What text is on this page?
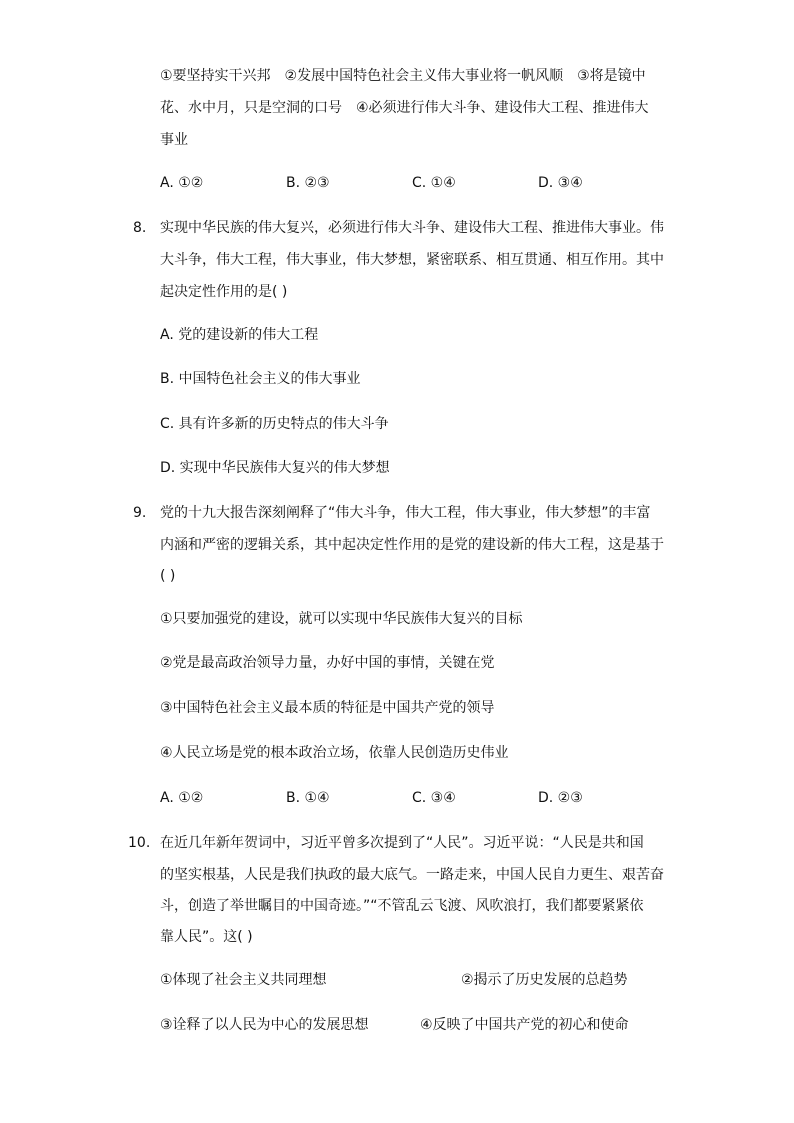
①要坚持实干兴邦　②发展中国特色社会主义伟大事业将一帆风顺　③将是镜中
花、水中月，只是空洞的口号　④必须进行伟大斗争、建设伟大工程、推进伟大
事业
A. ①②	B. ②③	C. ①④	D. ③④
8. 实现中华民族的伟大复兴，必须进行伟大斗争、建设伟大工程、推进伟大事业。伟
大斗争，伟大工程，伟大事业，伟大梦想，紧密联系、相互贯通、相互作用。其中
起决定性作用的是( )
A. 党的建设新的伟大工程
B. 中国特色社会主义的伟大事业
C. 具有许多新的历史特点的伟大斗争
D. 实现中华民族伟大复兴的伟大梦想
9. 党的十九大报告深刻阐释了“伟大斗争，伟大工程，伟大事业，伟大梦想”的丰富
内涵和严密的逻辑关系，其中起决定性作用的是党的建设新的伟大工程，这是基于
( )
①只要加强党的建设，就可以实现中华民族伟大复兴的目标
②党是最高政治领导力量，办好中国的事情，关键在党
③中国特色社会主义最本质的特征是中国共产党的领导
④人民立场是党的根本政治立场，依靠人民创造历史伟业
A. ①②	B. ①④	C. ③④	D. ②③
10. 在近几年新年贺词中，习近平曾多次提到了“人民”。习近平说：“人民是共和国
的坚实根基，人民是我们执政的最大底气。一路走来，中国人民自力更生、艰苦奋
斗，创造了举世瞩目的中国奇迹。”“不管乱云飞渡、风吹浪打，我们都要紧紧依
靠人民”。这( )
①体现了社会主义共同理想	②揭示了历史发展的总趋势
③诠释了以人民为中心的发展思想	④反映了中国共产党的初心和使命
